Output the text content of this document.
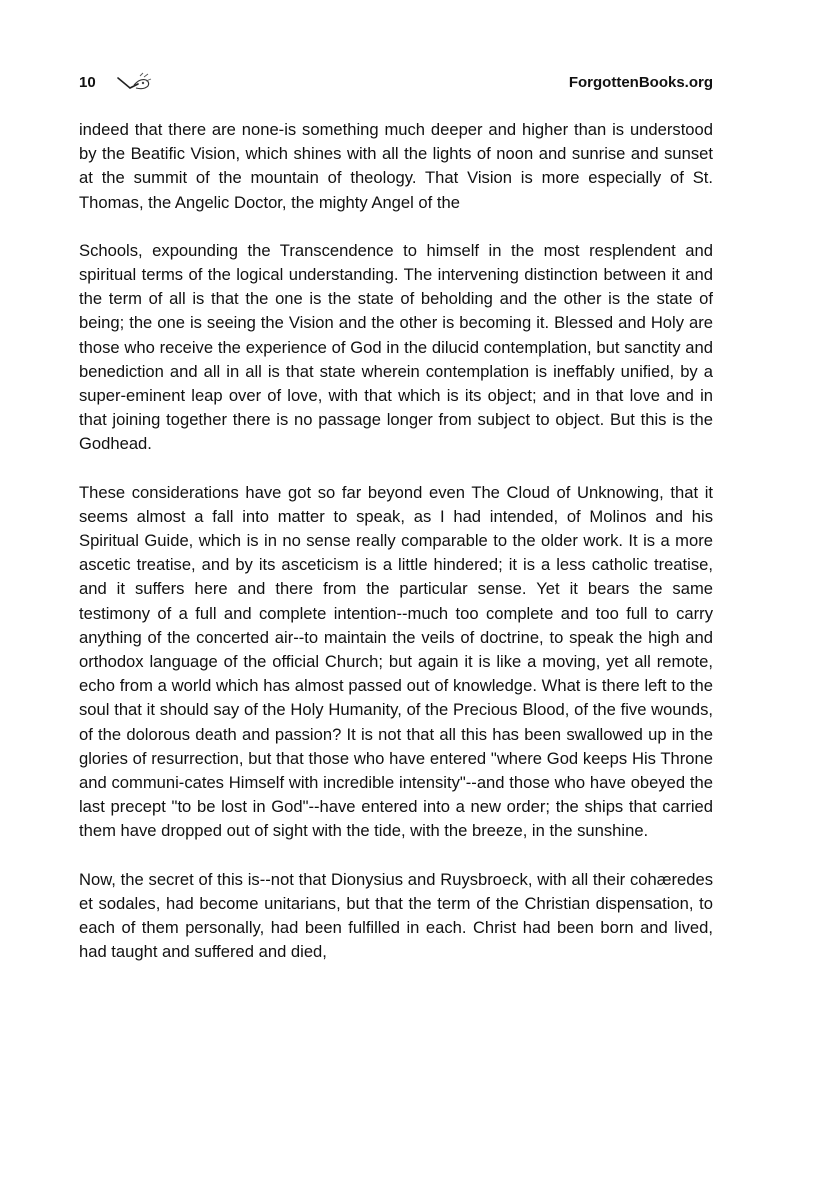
10	ForgottenBooks.org

indeed that there are none-is something much deeper and higher than is understood by the Beatific Vision, which shines with all the lights of noon and sunrise and sunset at the summit of the mountain of theology. That Vision is more especially of St. Thomas, the Angelic Doctor, the mighty Angel of the

Schools, expounding the Transcendence to himself in the most resplendent and spiritual terms of the logical understanding. The intervening distinction between it and the term of all is that the one is the state of beholding and the other is the state of being; the one is seeing the Vision and the other is becoming it. Blessed and Holy are those who receive the experience of God in the dilucid contemplation, but sanctity and benediction and all in all is that state wherein contemplation is ineffably unified, by a super-eminent leap over of love, with that which is its object; and in that love and in that joining together there is no passage longer from subject to object. But this is the Godhead.

These considerations have got so far beyond even The Cloud of Unknowing, that it seems almost a fall into matter to speak, as I had intended, of Molinos and his Spiritual Guide, which is in no sense really comparable to the older work. It is a more ascetic treatise, and by its asceticism is a little hindered; it is a less catholic treatise, and it suffers here and there from the particular sense. Yet it bears the same testimony of a full and complete intention--much too complete and too full to carry anything of the concerted air--to maintain the veils of doctrine, to speak the high and orthodox language of the official Church; but again it is like a moving, yet all remote, echo from a world which has almost passed out of knowledge. What is there left to the soul that it should say of the Holy Humanity, of the Precious Blood, of the five wounds, of the dolorous death and passion? It is not that all this has been swallowed up in the glories of resurrection, but that those who have entered "where God keeps His Throne and communi-cates Himself with incredible intensity"--and those who have obeyed the last precept "to be lost in God"--have entered into a new order; the ships that carried them have dropped out of sight with the tide, with the breeze, in the sunshine.

Now, the secret of this is--not that Dionysius and Ruysbroeck, with all their cohæredes et sodales, had become unitarians, but that the term of the Christian dispensation, to each of them personally, had been fulfilled in each. Christ had been born and lived, had taught and suffered and died,
